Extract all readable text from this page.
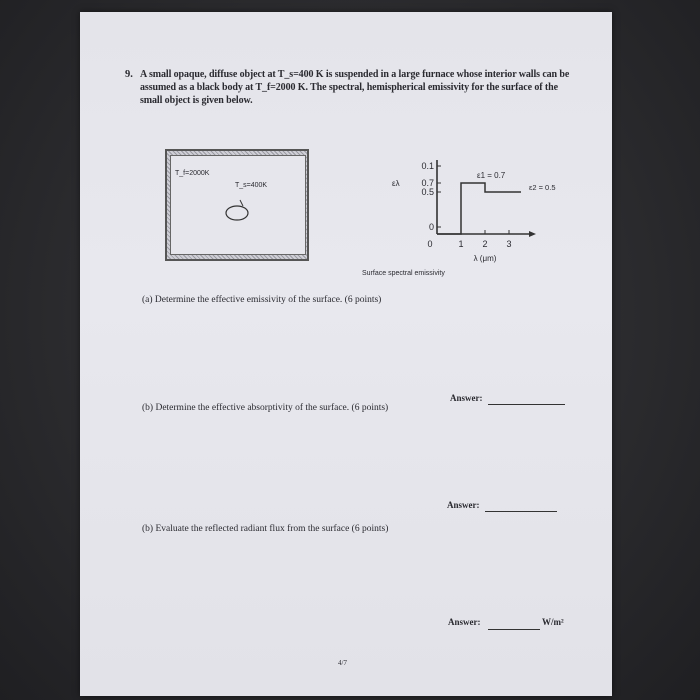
9. A small opaque, diffuse object at T_s=400 K is suspended in a large furnace whose interior walls can be
assumed as a black body at T_f=2000 K. The spectral, hemispherical emissivity for the surface of the
small object is given below.
T_f=2000K
T_s=400K
0.1
0.7
0.5
0
ελ
0	1 2 3
λ (μm)
ε1 = 0.7
ε2 = 0.5
Surface spectral emissivity
(a) Determine the effective emissivity of the surface. (6 points)
(b) Determine the effective absorptivity of the surface. (6 points)
(b) Evaluate the reflected radiant flux from the surface (6 points)
Answer:
Answer:
Answer:	W/m²
4/7
